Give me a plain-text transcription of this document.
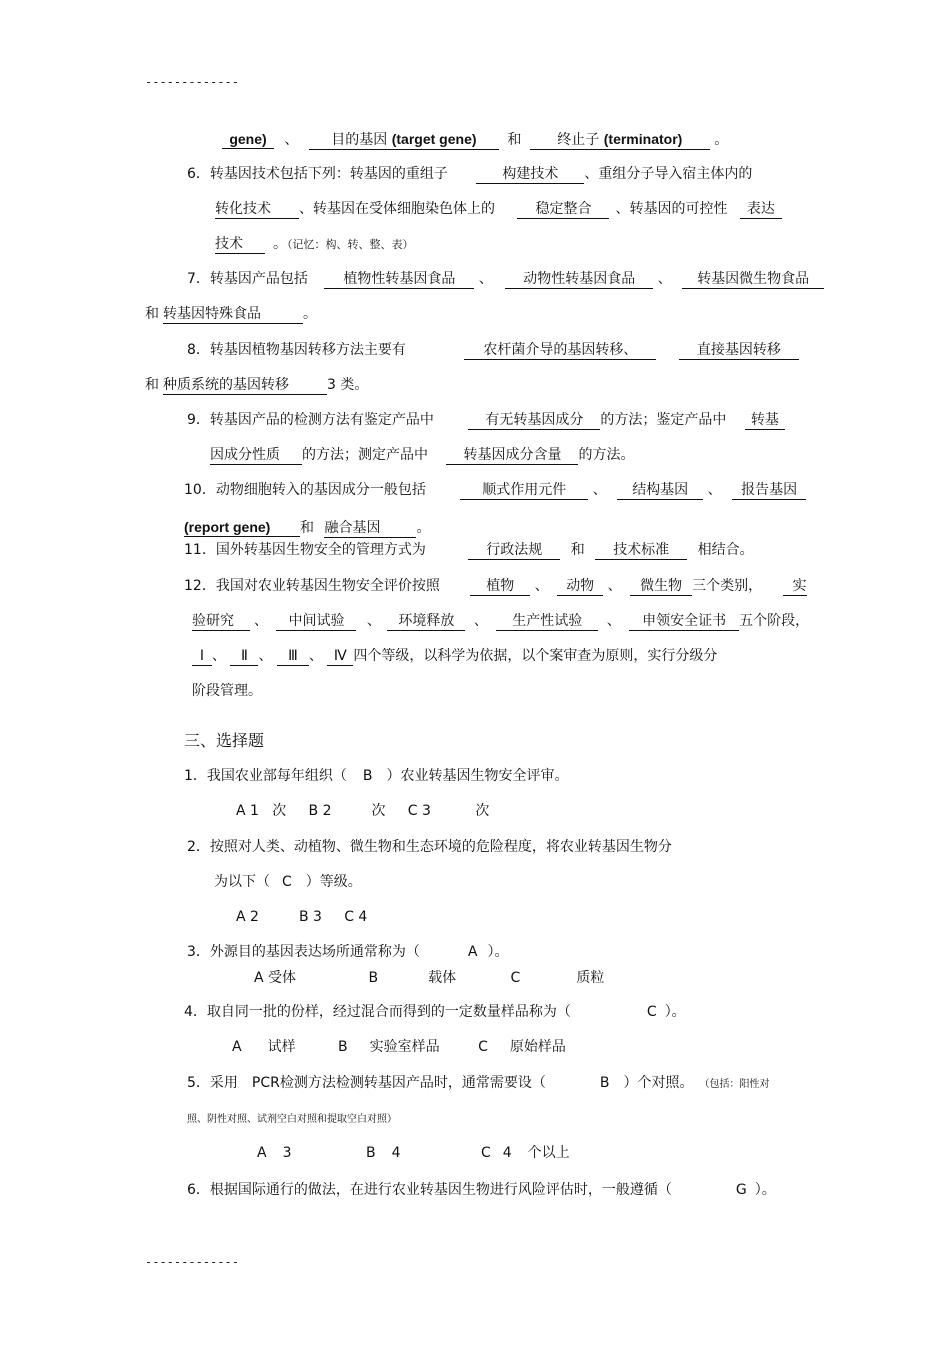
-------------
gene) 、 目的基因 (target gene) 和	终止子 (terminator) 。
6．转基因技术包括下列：转基因的重组子	构建技术 、重组分子导入宿主体内的
转化技术 、转基因在受体细胞染色体上的	稳定整合 、转基因的可控性 表达
技术 。（记忆：构、转、整、表）
7．转基因产品包括	植物性转基因食品 、 动物性转基因食品 、 转基因微生物食品
和 转基因特殊食品	。
8．转基因植物基因转移方法主要有	农杆菌介导的基因转移、	直接基因转移
和 种质系统的基因转移	3 类。
9．转基因产品的检测方法有鉴定产品中	有无转基因成分 的方法；鉴定产品中 转基
因成分性质 的方法；测定产品中	转基因成分含量 的方法。
10．动物细胞转入的基因成分一般包括	顺式作用元件 、 结构基因 、 报告基因
(report gene) 和 融合基因	。
11．国外转基因生物安全的管理方式为	行政法规 和 技术标准 相结合。
12．我国对农业转基因生物安全评价按照	植物 、 动物 、 微生物 三个类别， 实
验研究 、 中间试验 、 环境释放 、 生产性试验 、 申领安全证书 五个阶段，
Ⅰ 、 Ⅱ 、 Ⅲ 、 Ⅳ 四个等级，以科学为依据，以个案审查为原则，实行分级分
阶段管理。
三、选择题
1．我国农业部每年组织（ B ）农业转基因生物安全评审。
A 1   次     B 2         次     C 3          次
2．按照对人类、动植物、微生物和生态环境的危险程度，将农业转基因生物分
为以下（ C ）等级。
A 2         B 3     C 4
3．外源目的基因表达场所通常称为（	A ）。
A 受体	B	载体	C	质粒
4．取自同一批的份样，经过混合而得到的一定数量样品称为（	C ）。
A 试样	B 实验室样品	C 原始样品
5．采用 PCR检测方法检测转基因产品时，通常需要设（	B ）个对照。 （包括：阳性对
照、阴性对照、试剂空白对照和提取空白对照）
A 3	B 4	C 4 个以上
6．根据国际通行的做法，在进行农业转基因生物进行风险评估时，一般遵循（	G ）。
-------------
